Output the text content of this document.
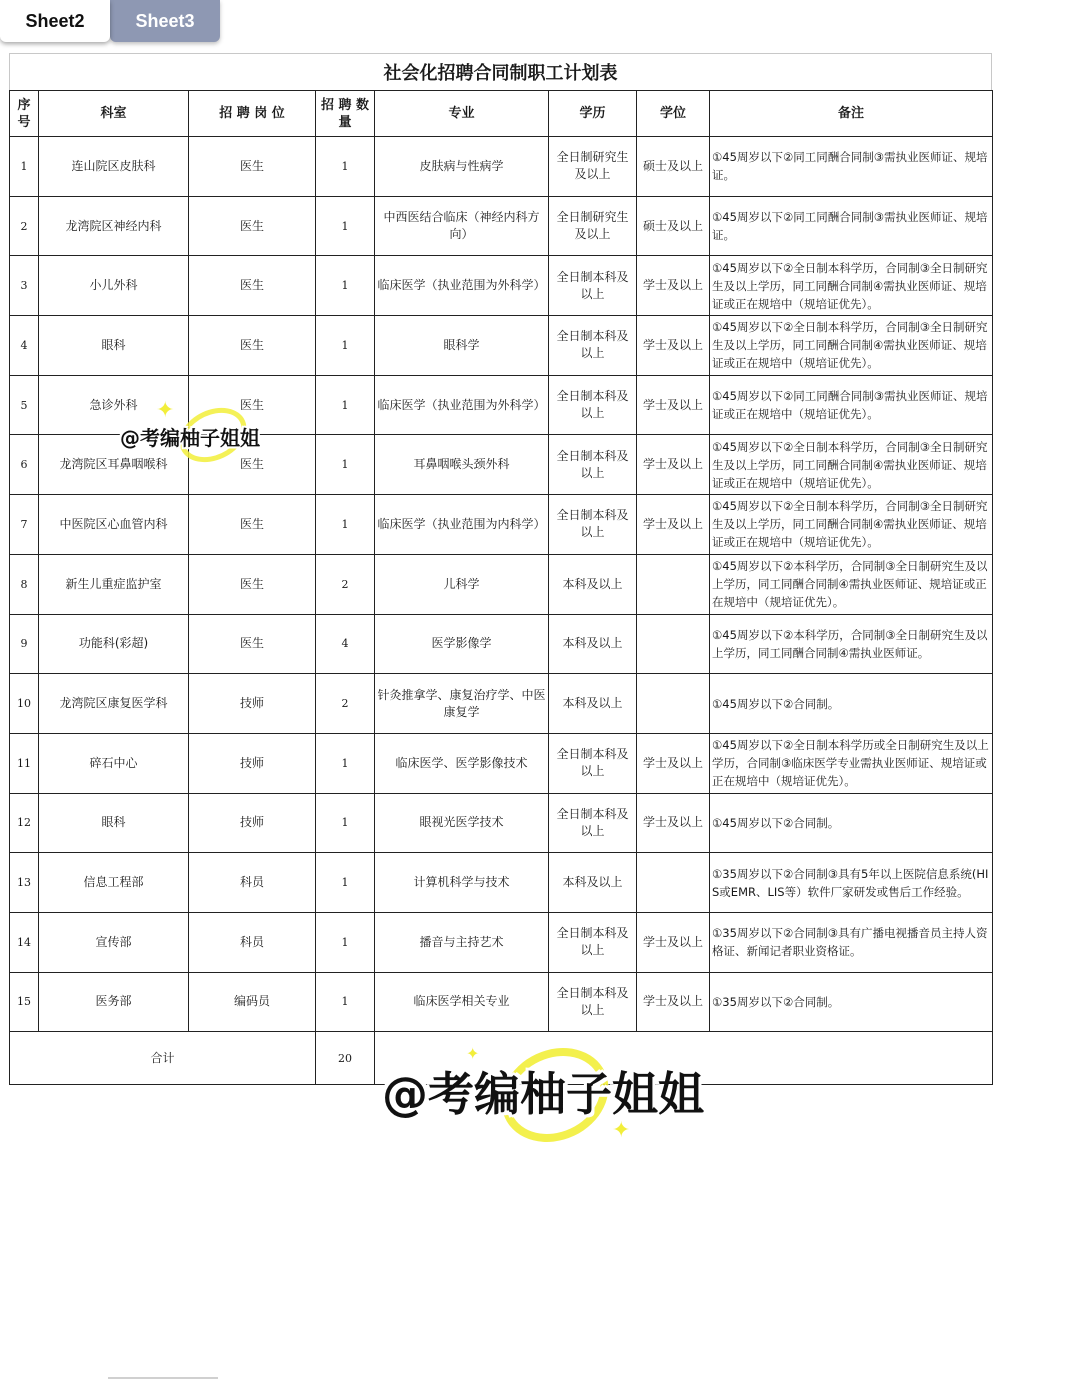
Sheet2	Sheet3
社会化招聘合同制职工计划表
序号	科室	招 聘 岗 位	招 聘 数 量	专业	学历	学位	备注
1	连山院区皮肤科	医生	1	皮肤病与性病学	全日制研究生及以上	硕士及以上	①45周岁以下②同工同酬合同制③需执业医师证、规培证。
2	龙湾院区神经内科	医生	1	中西医结合临床（神经内科方向）	全日制研究生及以上	硕士及以上	①45周岁以下②同工同酬合同制③需执业医师证、规培证。
3	小儿外科	医生	1	临床医学（执业范围为外科学）	全日制本科及以上	学士及以上	①45周岁以下②全日制本科学历，合同制③全日制研究生及以上学历，同工同酬合同制④需执业医师证、规培证或正在规培中（规培证优先）。
4	眼科	医生	1	眼科学	全日制本科及以上	学士及以上	①45周岁以下②全日制本科学历，合同制③全日制研究生及以上学历，同工同酬合同制④需执业医师证、规培证或正在规培中（规培证优先）。
5	急诊外科	医生	1	临床医学（执业范围为外科学）	全日制本科及以上	学士及以上	①45周岁以下②同工同酬合同制③需执业医师证、规培证或正在规培中（规培证优先）。
6	龙湾院区耳鼻咽喉科	医生	1	耳鼻咽喉头颈外科	全日制本科及以上	学士及以上	①45周岁以下②全日制本科学历，合同制③全日制研究生及以上学历，同工同酬合同制④需执业医师证、规培证或正在规培中（规培证优先）。
7	中医院区心血管内科	医生	1	临床医学（执业范围为内科学）	全日制本科及以上	学士及以上	①45周岁以下②全日制本科学历，合同制③全日制研究生及以上学历，同工同酬合同制④需执业医师证、规培证或正在规培中（规培证优先）。
8	新生儿重症监护室	医生	2	儿科学	本科及以上		①45周岁以下②本科学历，合同制③全日制研究生及以上学历，同工同酬合同制④需执业医师证、规培证或正在规培中（规培证优先）。
9	功能科(彩超)	医生	4	医学影像学	本科及以上		①45周岁以下②本科学历，合同制③全日制研究生及以上学历，同工同酬合同制④需执业医师证。
10	龙湾院区康复医学科	技师	2	针灸推拿学、康复治疗学、中医康复学	本科及以上		①45周岁以下②合同制。
11	碎石中心	技师	1	临床医学、医学影像技术	全日制本科及以上	学士及以上	①45周岁以下②全日制本科学历或全日制研究生及以上学历，合同制③临床医学专业需执业医师证、规培证或正在规培中（规培证优先）。
12	眼科	技师	1	眼视光医学技术	全日制本科及以上	学士及以上	①45周岁以下②合同制。
13	信息工程部	科员	1	计算机科学与技术	本科及以上		①35周岁以下②合同制③具有5年以上医院信息系统(HIS或EMR、LIS等）软件厂家研发或售后工作经验。
14	宣传部	科员	1	播音与主持艺术	全日制本科及以上	学士及以上	①35周岁以下②合同制③具有广播电视播音员主持人资格证、新闻记者职业资格证。
15	医务部	编码员	1	临床医学相关专业	全日制本科及以上	学士及以上	①35周岁以下②合同制。
合计			20				
@考编柚子姐姐
@考编柚子姐姐
✦
✦
✦
